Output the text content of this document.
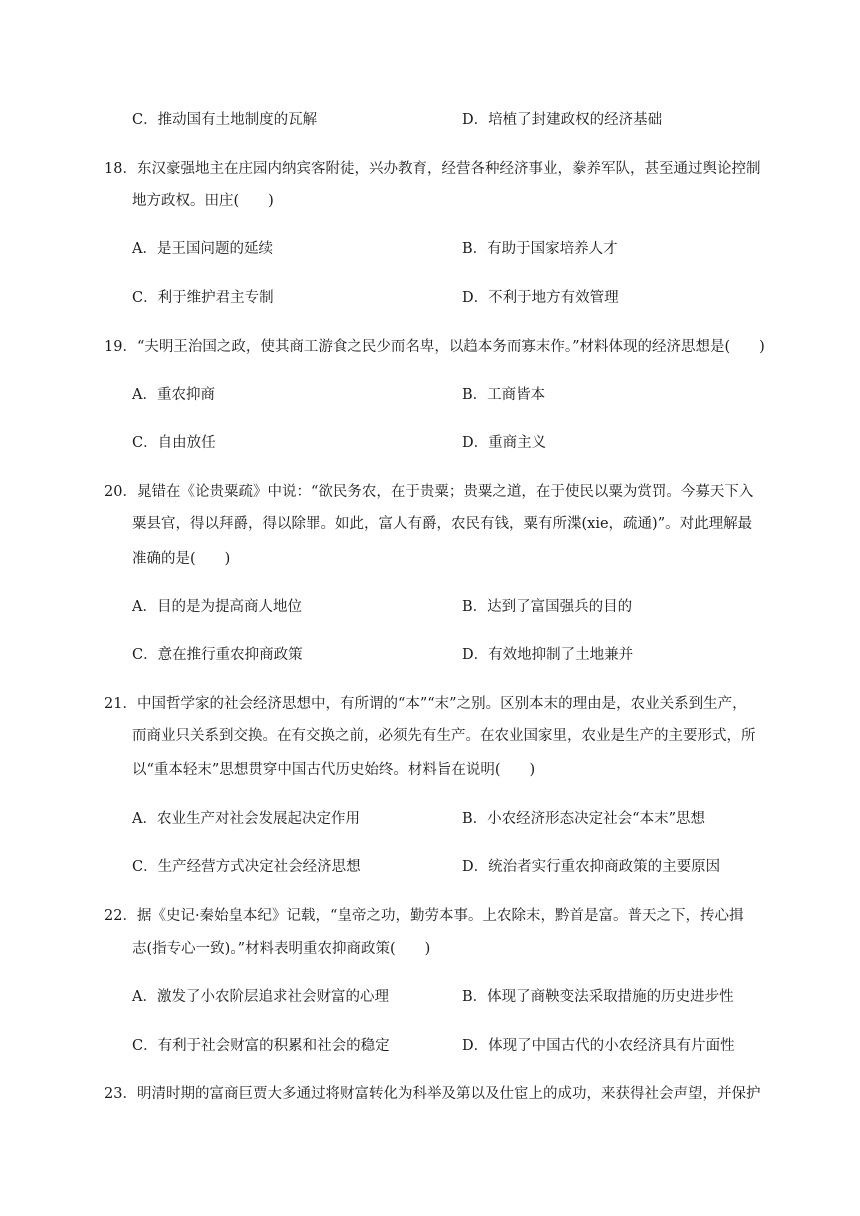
C．推动国有土地制度的瓦解	D．培植了封建政权的经济基础
18．东汉豪强地主在庄园内纳宾客附徒，兴办教育，经营各种经济事业，豢养军队，甚至通过舆论控制
地方政权。田庄(　　)
A．是王国问题的延续	B．有助于国家培养人才
C．利于维护君主专制	D．不利于地方有效管理
19．“夫明王治国之政，使其商工游食之民少而名卑，以趋本务而寡末作。”材料体现的经济思想是(　　)
A．重农抑商	B．工商皆本
C．自由放任	D．重商主义
20．晁错在《论贵粟疏》中说：“欲民务农，在于贵粟；贵粟之道，在于使民以粟为赏罚。今募天下入
粟县官，得以拜爵，得以除罪。如此，富人有爵，农民有钱，粟有所渫(xie，疏通)”。对此理解最
准确的是(　　)
A．目的是为提高商人地位	B．达到了富国强兵的目的
C．意在推行重农抑商政策	D．有效地抑制了土地兼并
21．中国哲学家的社会经济思想中，有所谓的“本”“末”之别。区别本末的理由是，农业关系到生产，
而商业只关系到交换。在有交换之前，必须先有生产。在农业国家里，农业是生产的主要形式，所
以“重本轻末”思想贯穿中国古代历史始终。材料旨在说明(　　)
A．农业生产对社会发展起决定作用	B．小农经济形态决定社会“本末”思想
C．生产经营方式决定社会经济思想	D．统治者实行重农抑商政策的主要原因
22．据《史记·秦始皇本纪》记载，“皇帝之功，勤劳本事。上农除末，黔首是富。普天之下，抟心揖
志(指专心一致)。”材料表明重农抑商政策(　　)
A．激发了小农阶层追求社会财富的心理	B．体现了商鞅变法采取措施的历史进步性
C．有利于社会财富的积累和社会的稳定	D．体现了中国古代的小农经济具有片面性
23．明清时期的富商巨贾大多通过将财富转化为科举及第以及仕宦上的成功，来获得社会声望，并保护
